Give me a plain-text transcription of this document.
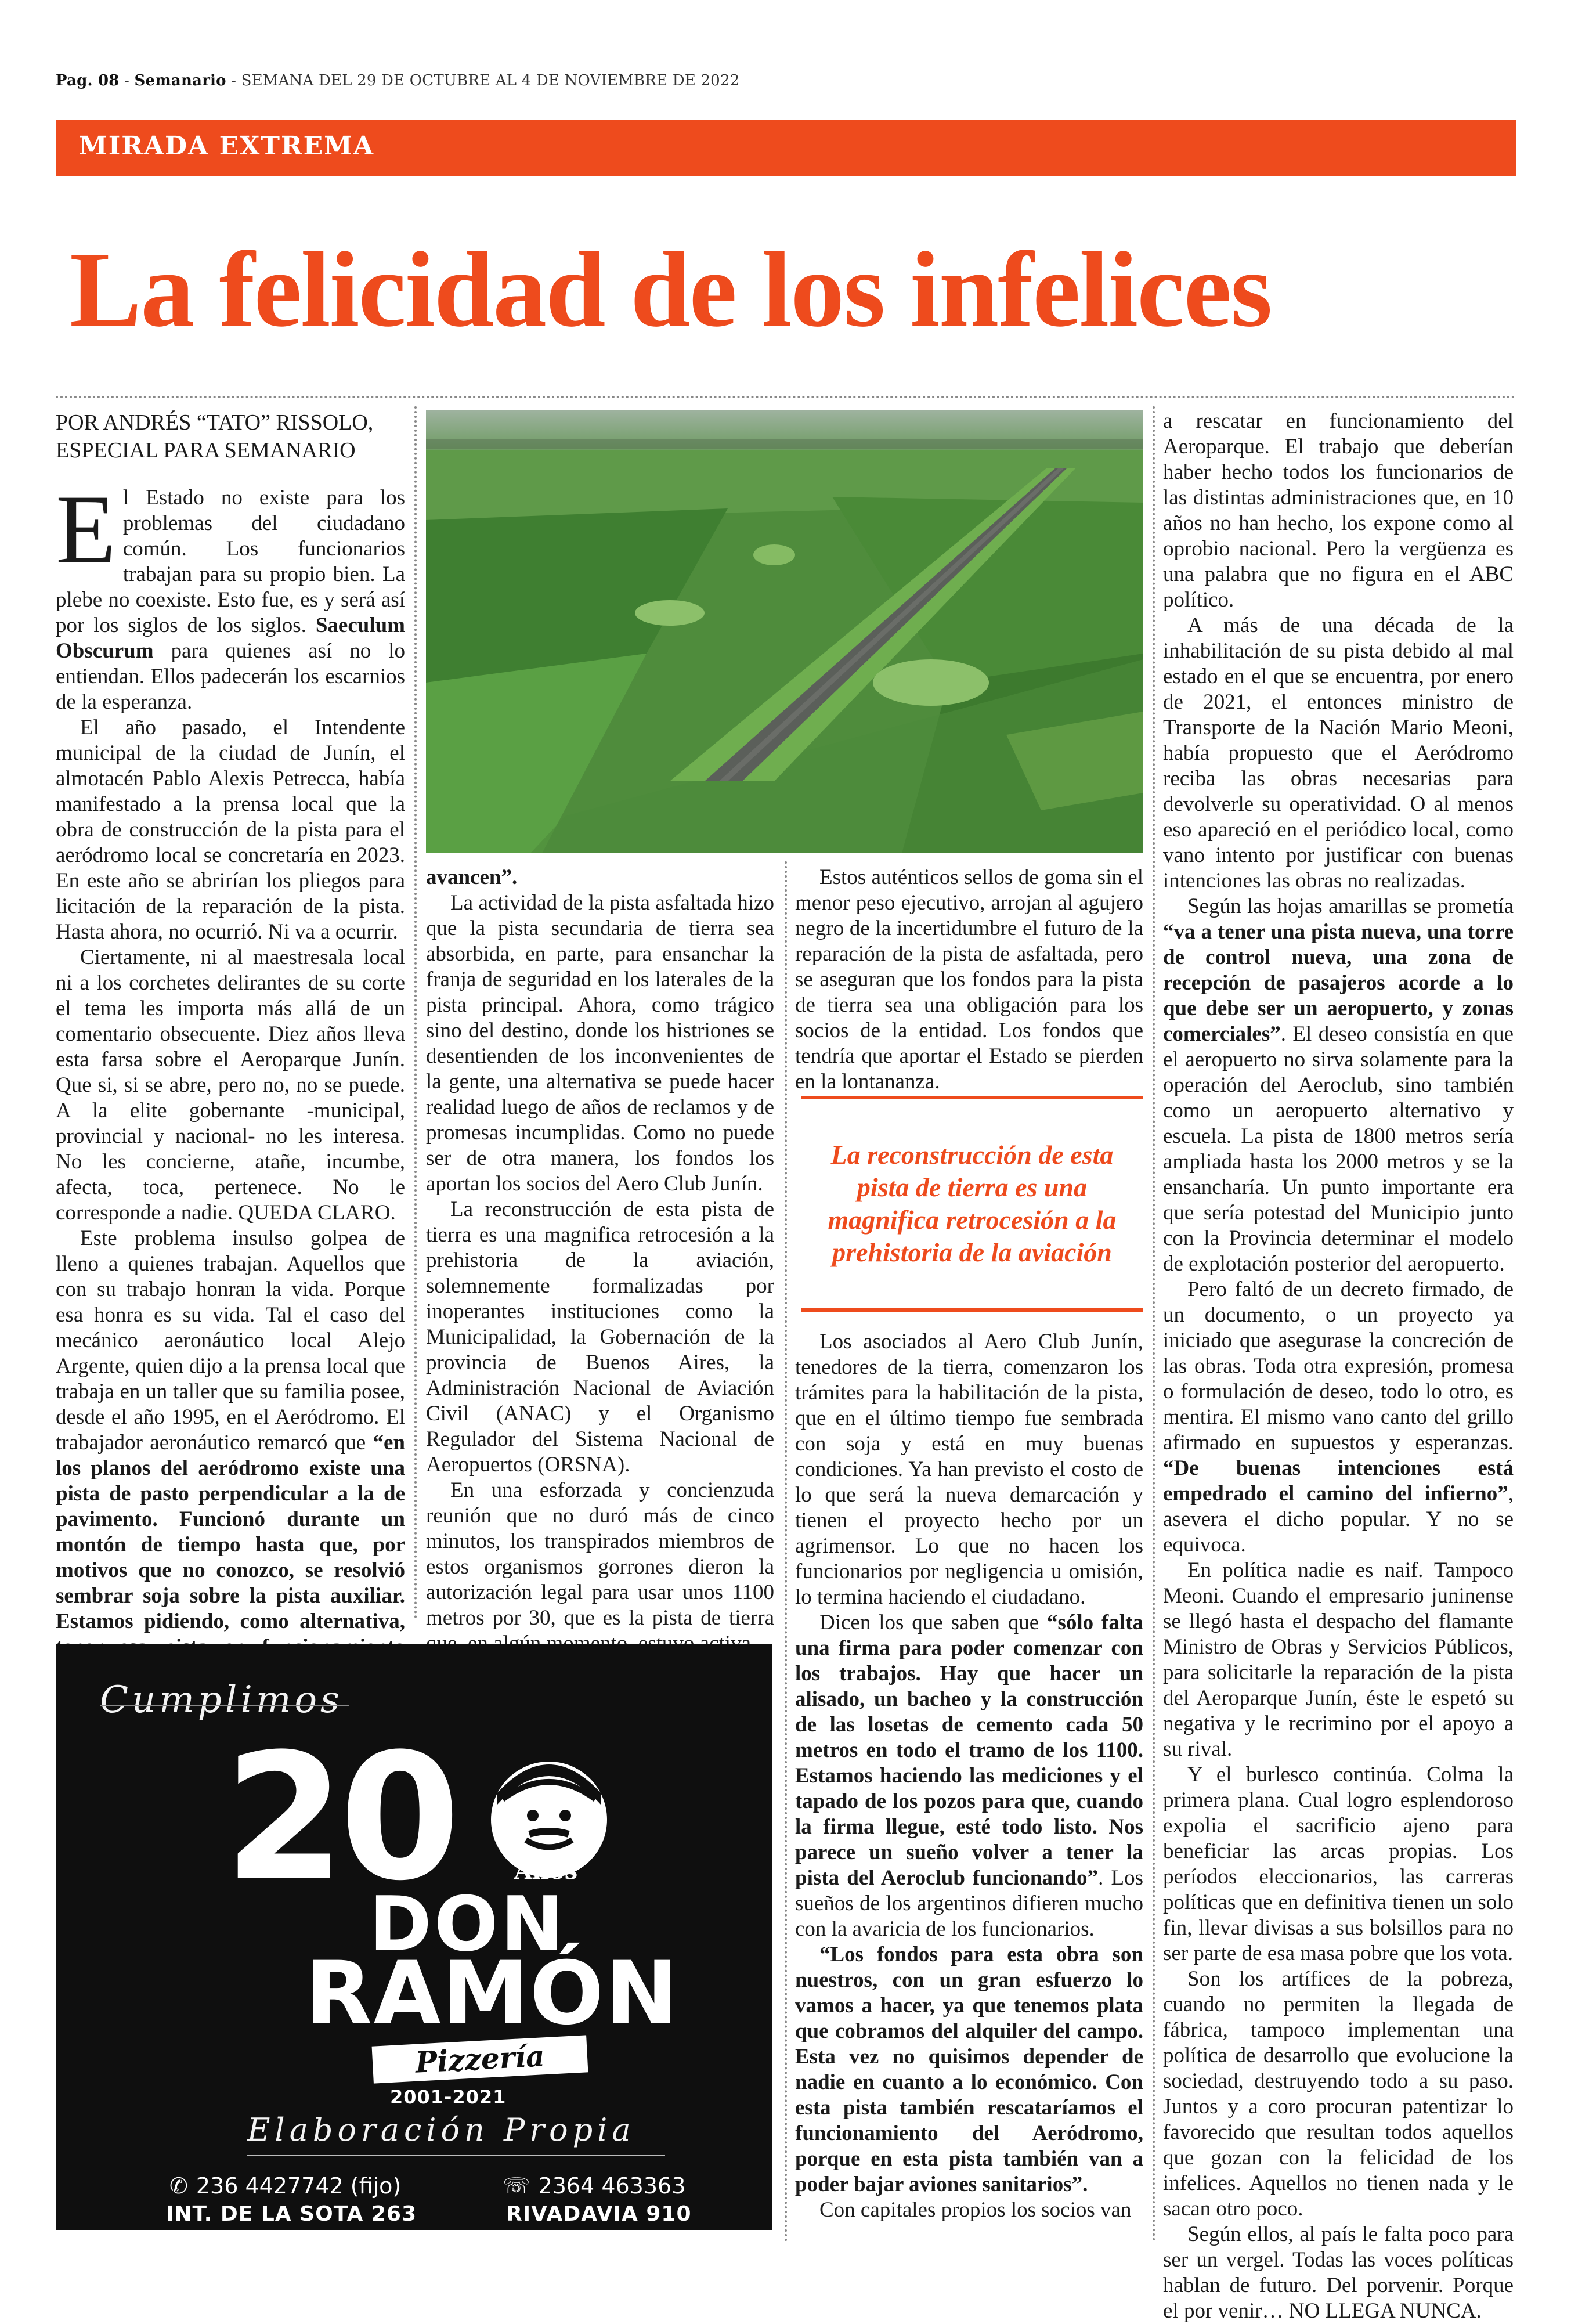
Pag. 08 - Semanario - SEMANA DEL 29 DE OCTUBRE AL 4 DE NOVIEMBRE DE 2022
MIRADA EXTREMA
La felicidad de los infelices

POR ANDRÉS “TATO” RISSOLO, ESPECIAL PARA SEMANARIO

El Estado no existe para los problemas del ciudadano común. Los funcionarios trabajan para su propio bien. La plebe no coexiste. Esto fue, es y será así por los siglos de los siglos. Saeculum Obscurum para quienes así no lo entiendan. Ellos padecerán los escarnios de la esperanza.

El año pasado, el Intendente municipal de la ciudad de Junín, el almotacén Pablo Alexis Petrecca, había manifestado a la prensa local que la obra de construcción de la pista para el aeródromo local se concretaría en 2023. En este año se abrirían los pliegos para licitación de la reparación de la pista. Hasta ahora, no ocurrió. Ni va a ocurrir.

Ciertamente, ni al maestresala local ni a los corchetes delirantes de su corte el tema les importa más allá de un comentario obsecuente. Diez años lleva esta farsa sobre el Aeroparque Junín. Que si, si se abre, pero no, no se puede. A la elite gobernante -municipal, provincial y nacional- no les interesa. No les concierne, atañe, incumbe, afecta, toca, pertenece. No le corresponde a nadie. QUEDA CLARO.

Este problema insulso golpea de lleno a quienes trabajan. Aquellos que con su trabajo honran la vida. Porque esa honra es su vida. Tal el caso del mecánico aeronáutico local Alejo Argente, quien dijo a la prensa local que trabaja en un taller que su familia posee, desde el año 1995, en el Aeródromo. El trabajador aeronáutico remarcó que “en los planos del aeródromo existe una pista de pasto perpendicular a la de pavimento. Funcionó durante un montón de tiempo hasta que, por motivos que no conozco, se resolvió sembrar soja sobre la pista auxiliar. Estamos pidiendo, como alternativa,

avancen”.

La actividad de la pista asfaltada hizo que la pista secundaria de tierra sea absorbida, en parte, para ensanchar la franja de seguridad en los laterales de la pista principal. Ahora, como trágico sino del destino, donde los histriones se desentienden de los inconvenientes de la gente, una alternativa se puede hacer realidad luego de años de reclamos y de promesas incumplidas. Como no puede ser de otra manera, los fondos los aportan los socios del Aero Club Junín.

La reconstrucción de esta pista de tierra es una magnifica retrocesión a la prehistoria de la aviación, solemnemente formalizadas por inoperantes instituciones como la Municipalidad, la Gobernación de la provincia de Buenos Aires, la Administración Nacional de Aviación Civil (ANAC) y el Organismo Regulador del Sistema Nacional de Aeropuertos (ORSNA).

En una esforzada y concienzuda reunión que no duró más de cinco minutos, los transpirados miembros de estos organismos gorrones dieron la autorización legal para usar unos 1100 metros por 30, que es la pista de tierra

Estos auténticos sellos de goma sin el menor peso ejecutivo, arrojan al agujero negro de la incertidumbre el futuro de la reparación de la pista de asfaltada, pero se aseguran que los fondos para la pista de tierra sea una obligación para los socios de la entidad. Los fondos que tendría que aportar el Estado se pierden en la lontananza.

La reconstrucción de esta pista de tierra es una magnifica retrocesión a la prehistoria de la aviación

Los asociados al Aero Club Junín, tenedores de la tierra, comenzaron los trámites para la habilitación de la pista, que en el último tiempo fue sembrada con soja y está en muy buenas condiciones. Ya han previsto el costo de lo que será la nueva demarcación y tienen el proyecto hecho por un agrimensor. Lo que no hacen los funcionarios por negligencia u omisión, lo termina haciendo el ciudadano.

Dicen los que saben que “sólo falta una firma para poder comenzar con los trabajos. Hay que hacer un alisado, un bacheo y la construcción de las losetas de cemento cada 50 metros en todo el tramo de los 1100. Estamos haciendo las mediciones y el tapado de los pozos para que, cuando la firma llegue, esté todo listo. Nos parece un sueño volver a tener la pista del Aeroclub funcionando”. Los sueños de los argentinos difieren mucho con la avaricia de los funcionarios.

“Los fondos para esta obra son nuestros, con un gran esfuerzo lo vamos a hacer, ya que tenemos plata que cobramos del alquiler del campo. Esta vez no quisimos depender de nadie en cuanto a lo económico. Con esta pista también rescataríamos el funcionamiento del Aeródromo, porque en esta pista también van a poder bajar aviones sanitarios”.

Con capitales propios los socios van

a rescatar en funcionamiento del Aeroparque. El trabajo que deberían haber hecho todos los funcionarios de las distintas administraciones que, en 10 años no han hecho, los expone como al oprobio nacional. Pero la vergüenza es una palabra que no figura en el ABC político.

A más de una década de la inhabilitación de su pista debido al mal estado en el que se encuentra, por enero de 2021, el entonces ministro de Transporte de la Nación Mario Meoni, había propuesto que el Aeródromo reciba las obras necesarias para devolverle su operatividad. O al menos eso apareció en el periódico local, como vano intento por justificar con buenas intenciones las obras no realizadas.

Según las hojas amarillas se prometía “va a tener una pista nueva, una torre de control nueva, una zona de recepción de pasajeros acorde a lo que debe ser un aeropuerto, y zonas comerciales”. El deseo consistía en que el aeropuerto no sirva solamente para la operación del Aeroclub, sino también como un aeropuerto alternativo y escuela. La pista de 1800 metros sería ampliada hasta los 2000 metros y se la ensancharía. Un punto importante era que sería potestad del Municipio junto con la Provincia determinar el modelo de explotación posterior del aeropuerto.

Pero faltó de un decreto firmado, de un documento, o un proyecto ya iniciado que asegurase la concreción de las obras. Toda otra expresión, promesa o formulación de deseo, todo lo otro, es mentira. El mismo vano canto del grillo afirmado en supuestos y esperanzas. “De buenas intenciones está empedrado el camino del infierno”, asevera el dicho popular. Y no se equivoca.

En política nadie es naif. Tampoco Meoni. Cuando el empresario juninense se llegó hasta el despacho del flamante Ministro de Obras y Servicios Públicos, para solicitarle la reparación de la pista del Aeroparque Junín, éste le espetó su negativa y le recrimino por el apoyo a su rival.

Y el burlesco continúa. Colma la primera plana. Cual logro esplendoroso expolia el sacrificio ajeno para beneficiar las arcas propias. Los períodos eleccionarios, las carreras políticas que en definitiva tienen un solo fin, llevar divisas a sus bolsillos para no ser parte de esa masa pobre que los vota.

Son los artífices de la pobreza, cuando no permiten la llegada de fábrica, tampoco implementan una política de desarrollo que evolucione la sociedad, destruyendo todo a su paso. Juntos y a coro procuran patentizar lo favorecido que resultan todos aquellos que gozan con la felicidad de los infelices. Aquellos no tienen nada y le sacan otro poco.

Según ellos, al país le falta poco para ser un vergel. Todas las voces políticas hablan de futuro. Del porvenir. Porque el por venir… NO LLEGA NUNCA.

Cumplimos
20	Años
DON
RAMÓN
Pizzería
2001-2021
Elaboración Propia
✆ 236 4427742 (fijo)	☏ 2364 463363
INT. DE LA SOTA 263	RIVADAVIA 910
